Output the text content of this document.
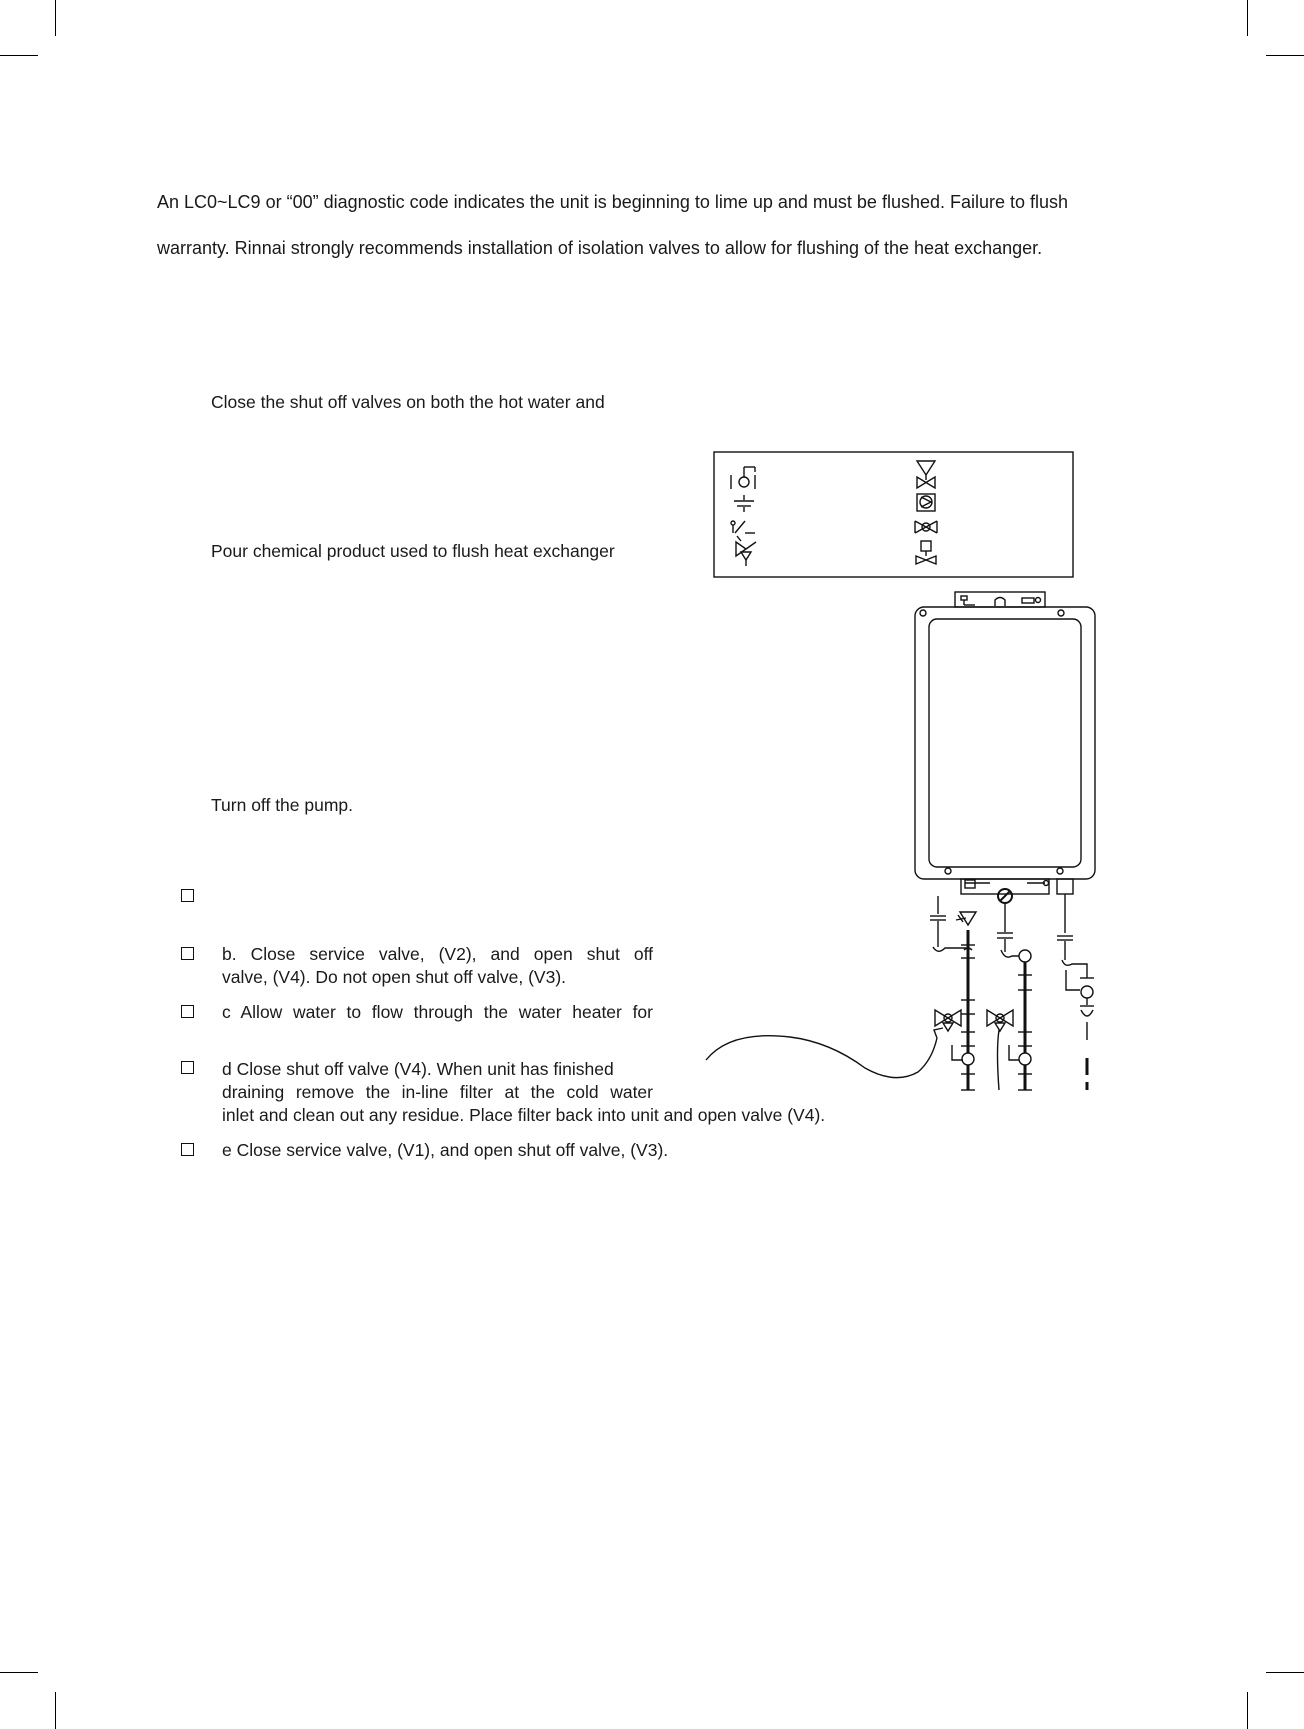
An LC0~LC9 or “00” diagnostic code indicates the unit is beginning to lime up and must be flushed. Failure to flush
warranty. Rinnai strongly recommends installation of isolation valves to allow for flushing of the heat exchanger.
Close the shut off valves on both the hot water and
Pour chemical product used to flush heat exchanger
Turn off the pump.
b. Close service valve, (V2), and open shut off
valve, (V4). Do not open shut off valve, (V3).
c Allow water to flow through the water heater for
d Close shut off valve (V4). When unit has finished
draining remove the in-line filter at the cold water
inlet and clean out any residue. Place filter back into unit and open valve (V4).
e Close service valve, (V1), and open shut off valve, (V3).
